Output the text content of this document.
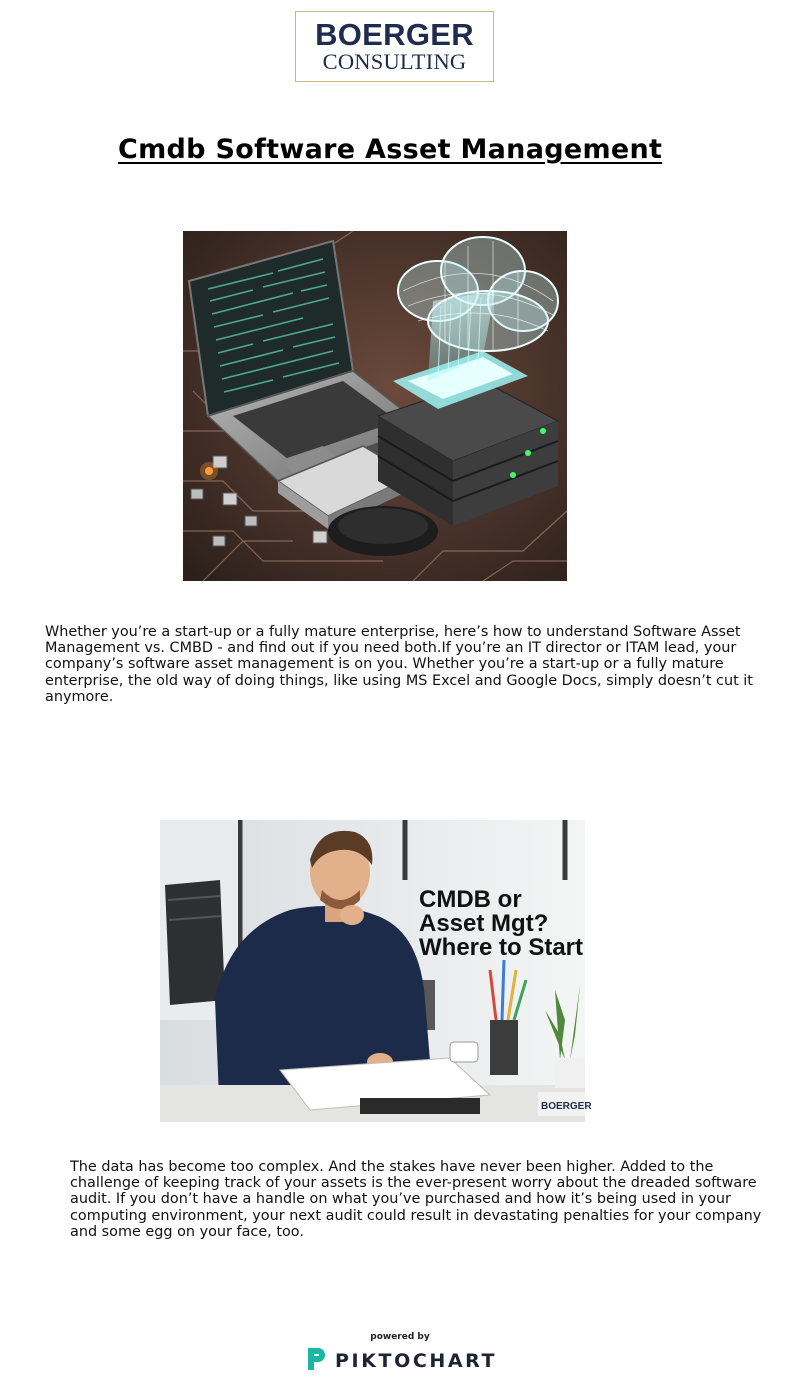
BOERGER
CONSULTING
Cmdb Software Asset Management
Whether you’re a start-up or a fully mature enterprise, here’s how to understand Software Asset Management vs. CMBD - and find out if you need both.If you’re an IT director or ITAM lead, your company’s software asset management is on you. Whether you’re a start-up or a fully mature enterprise, the old way of doing things, like using MS Excel and Google Docs, simply doesn’t cut it anymore.
CMDB or
Asset Mgt?
Where to Start
BOERGER
The data has become too complex. And the stakes have never been higher. Added to the challenge of keeping track of your assets is the ever-present worry about the dreaded software audit. If you don’t have a handle on what you’ve purchased and how it’s being used in your computing environment, your next audit could result in devastating penalties for your company and some egg on your face, too.
powered by
PIKTOCHART
